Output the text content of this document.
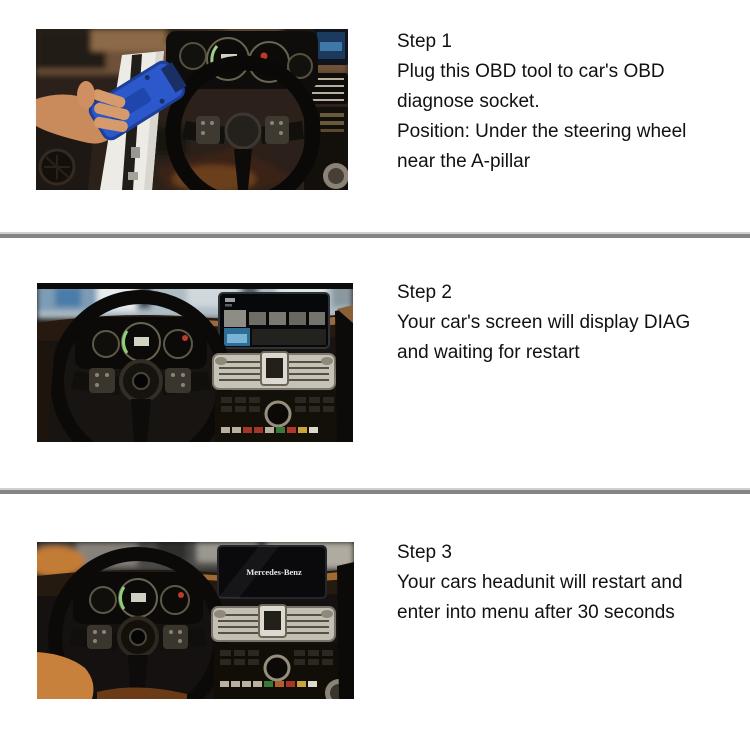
Step 1
Plug this OBD tool to car's OBD
diagnose socket.
Position: Under the steering wheel
near the A-pillar
Step 2
Your car's screen will display DIAG
and waiting for restart
Mercedes-Benz
Step 3
Your cars headunit will restart and
enter into menu after 30 seconds
